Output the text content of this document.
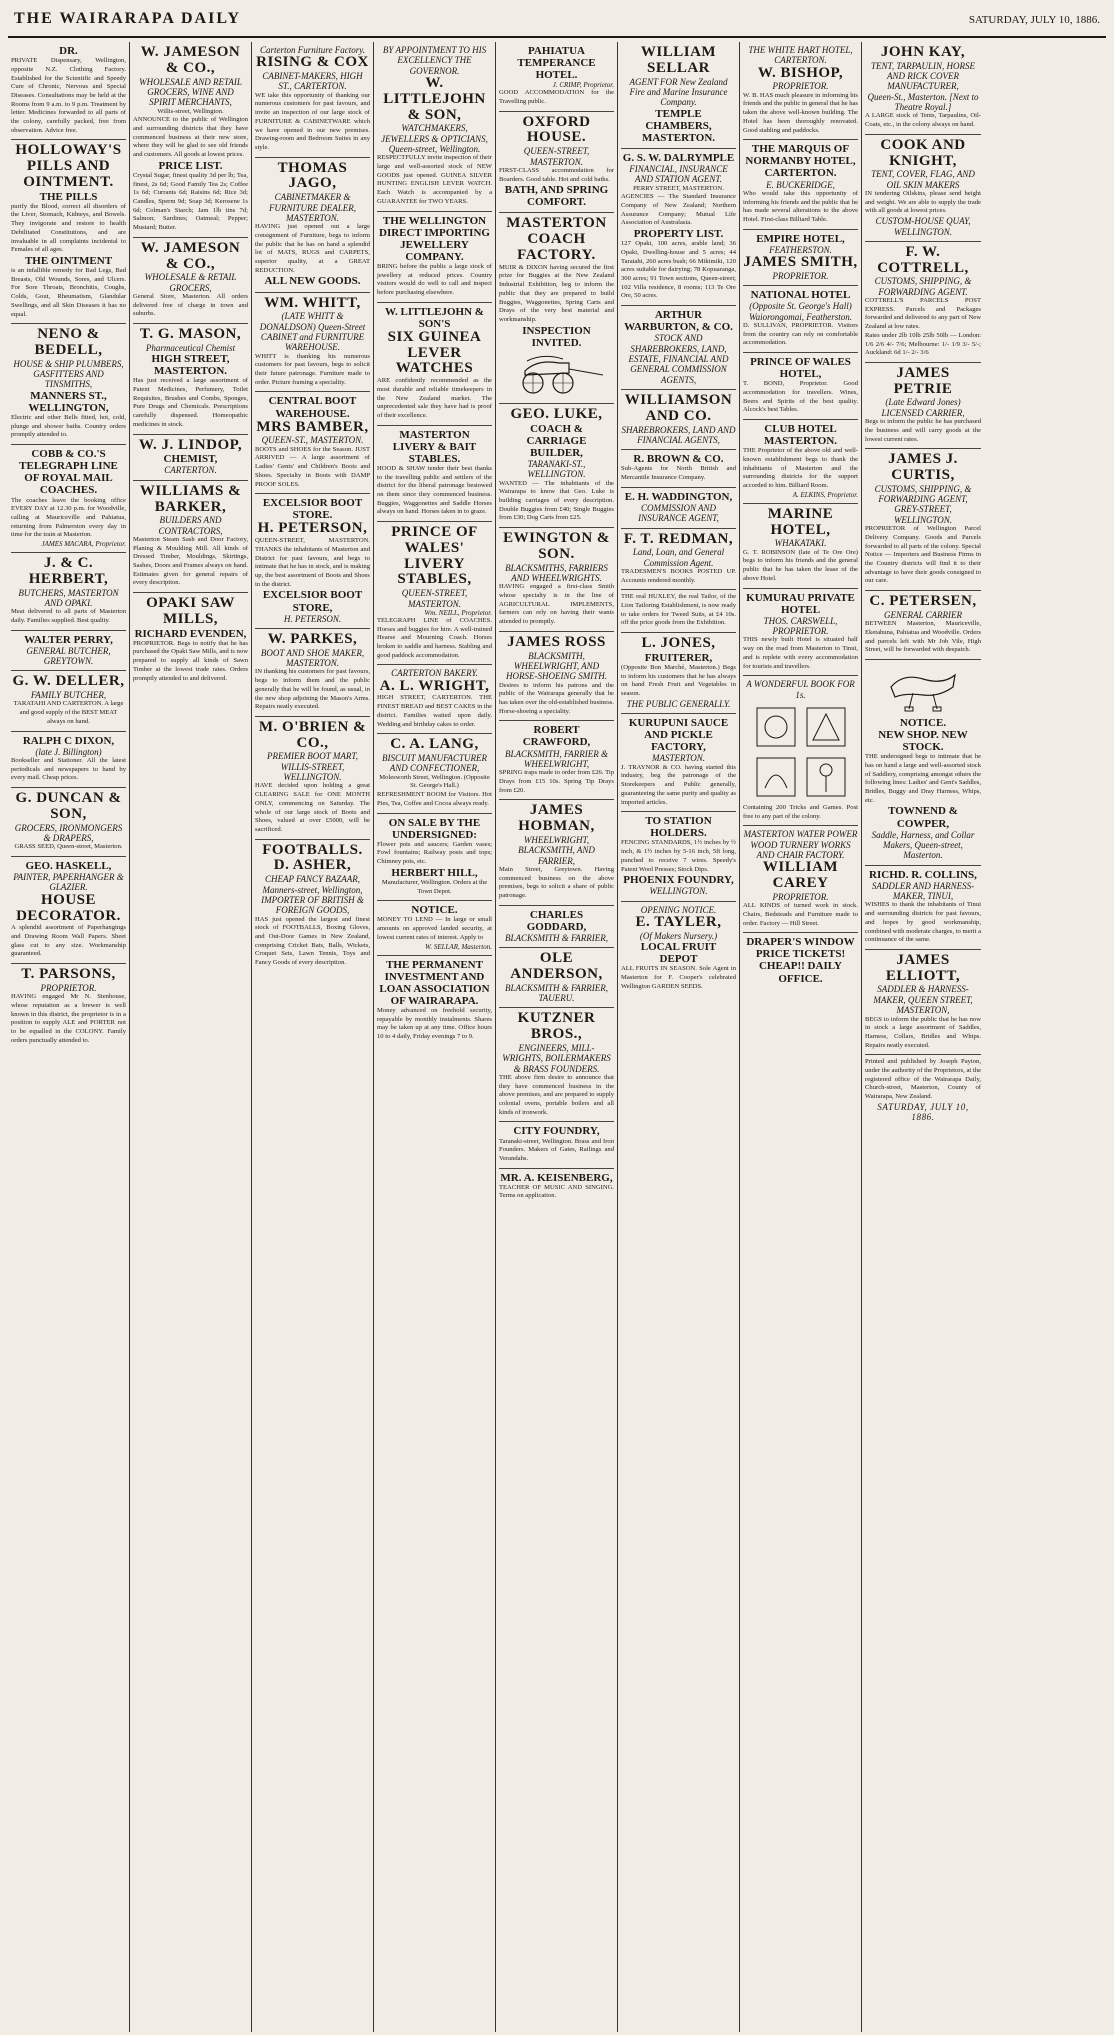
THE WAIRARAPA DAILY	SATURDAY, JULY 10, 1886.
DR.
PRIVATE Dispensary, Wellington, opposite N.Z. Clothing Factory. Established for the Scientific and Speedy Cure of Chronic, Nervous and Special Diseases. Consultations may be held at the Rooms from 9 a.m. to 9 p.m. Treatment by letter. Medicines forwarded to all parts of the colony, carefully packed, free from observation. Advice free.
HOLLOWAY'S PILLS AND OINTMENT.
THE PILLS
purify the Blood, correct all disorders of the Liver, Stomach, Kidneys, and Bowels. They invigorate and restore to health Debilitated Constitutions, and are invaluable in all complaints incidental to Females of all ages.
THE OINTMENT
is an infallible remedy for Bad Legs, Bad Breasts, Old Wounds, Sores, and Ulcers. For Sore Throats, Bronchitis, Coughs, Colds, Gout, Rheumatism, Glandular Swellings, and all Skin Diseases it has no equal.
NENO & BEDELL,
HOUSE & SHIP PLUMBERS, GASFITTERS AND TINSMITHS,
MANNERS ST., WELLINGTON,
Electric and other Bells fitted, hot, cold, plunge and shower baths. Country orders promptly attended to.
COBB & CO.'S TELEGRAPH LINE OF ROYAL MAIL COACHES.
The coaches leave the booking office EVERY DAY at 12.30 p.m. for Woodville, calling at Mauriceville and Pahiatua, returning from Palmerston every day in time for the train at Masterton.
JAMES MACARA, Proprietor.
J. & C. HERBERT,
BUTCHERS, MASTERTON AND OPAKI.
Meat delivered to all parts of Masterton daily. Families supplied. Best quality.
WALTER PERRY,
GENERAL BUTCHER, GREYTOWN.
G. W. DELLER,
FAMILY BUTCHER,
TARATAHI AND CARTERTON. A large and good supply of the BEST MEAT always on hand.
RALPH C DIXON,
(late J. Billington)
Bookseller and Stationer. All the latest periodicals and newspapers to hand by every mail. Cheap prices.
G. DUNCAN & SON,
GROCERS, IRONMONGERS & DRAPERS,
GRASS SEED, Queen-street, Masterton.
GEO. HASKELL,
PAINTER, PAPERHANGER & GLAZIER.
HOUSE DECORATOR.
A splendid assortment of Paperhangings and Drawing Room Wall Papers. Sheet glass cut to any size. Workmanship guaranteed.
T. PARSONS,
PROPRIETOR.
HAVING engaged Mr N. Stenhouse, whose reputation as a brewer is well known in this district, the proprietor is in a position to supply ALE and PORTER not to be equalled in the COLONY. Family orders punctually attended to.
W. JAMESON & CO.,
WHOLESALE AND RETAIL GROCERS, WINE AND SPIRIT MERCHANTS,
Willis-street, Wellington.
ANNOUNCE to the public of Wellington and surrounding districts that they have commenced business at their new store, where they will be glad to see old friends and customers. All goods at lowest prices.
PRICE LIST.
Crystal Sugar, finest quality 3d per lb; Tea, finest, 2s 6d; Good Family Tea 2s; Coffee 1s 6d; Currants 6d; Raisins 6d; Rice 3d; Candles, Sperm 9d; Soap 3d; Kerosene 1s 6d; Colman's Starch; Jam 1lb tins 7d; Salmon; Sardines; Oatmeal; Pepper; Mustard; Butter.
W. JAMESON & CO.,
WHOLESALE & RETAIL GROCERS,
General Store, Masterton. All orders delivered free of charge in town and suburbs.
T. G. MASON,
Pharmaceutical Chemist
HIGH STREET, MASTERTON.
Has just received a large assortment of Patent Medicines, Perfumery, Toilet Requisites, Brushes and Combs, Sponges, Pure Drugs and Chemicals. Prescriptions carefully dispensed. Homeopathic medicines in stock.
W. J. LINDOP,
CHEMIST,
CARTERTON.
WILLIAMS & BARKER,
BUILDERS AND CONTRACTORS,
Masterton Steam Sash and Door Factory, Planing & Moulding Mill. All kinds of Dressed Timber, Mouldings, Skirtings, Sashes, Doors and Frames always on hand. Estimates given for general repairs of every description.
OPAKI SAW MILLS,
RICHARD EVENDEN,
PROPRIETOR. Begs to notify that he has purchased the Opaki Saw Mills, and is now prepared to supply all kinds of Sawn Timber at the lowest trade rates. Orders promptly attended to and delivered.
Carterton Furniture Factory.
RISING & COX
CABINET-MAKERS, HIGH ST., CARTERTON.
WE take this opportunity of thanking our numerous customers for past favours, and invite an inspection of our large stock of FURNITURE & CABINETWARE which we have opened in our new premises. Drawing-room and Bedroom Suites in any style.
THOMAS JAGO,
CABINETMAKER & FURNITURE DEALER,
MASTERTON.
HAVING just opened out a large consignment of Furniture, begs to inform the public that he has on hand a splendid lot of MATS, RUGS and CARPETS, superior quality, at a GREAT REDUCTION.
ALL NEW GOODS.
WM. WHITT,
(LATE WHITT & DONALDSON) Queen-Street CABINET and FURNITURE WAREHOUSE.
WHITT is thanking his numerous customers for past favours, begs to solicit their future patronage. Furniture made to order. Picture framing a speciality.
CENTRAL BOOT WAREHOUSE.
MRS BAMBER,
QUEEN-ST., MASTERTON.
BOOTS and SHOES for the Season. JUST ARRIVED — A large assortment of Ladies' Gents' and Children's Boots and Shoes. Specialty in Boots with DAMP PROOF SOLES.
EXCELSIOR BOOT STORE.
H. PETERSON,
QUEEN-STREET, MASTERTON. THANKS the inhabitants of Masterton and District for past favours, and begs to intimate that he has in stock, and is making up, the best assortment of Boots and Shoes in the district.
EXCELSIOR BOOT STORE,
H. PETERSON.
W. PARKES,
BOOT AND SHOE MAKER, MASTERTON.
IN thanking his customers for past favours, begs to inform them and the public generally that he will be found, as usual, in the new shop adjoining the Mason's Arms. Repairs neatly executed.
M. O'BRIEN & CO.,
PREMIER BOOT MART, WILLIS-STREET, WELLINGTON.
HAVE decided upon holding a great CLEARING SALE for ONE MONTH ONLY, commencing on Saturday. The whole of our large stock of Boots and Shoes, valued at over £5000, will be sacrificed.
FOOTBALLS.
D. ASHER,
CHEAP FANCY BAZAAR, Manners-street, Wellington, IMPORTER OF BRITISH & FOREIGN GOODS,
HAS just opened the largest and finest stock of FOOTBALLS, Boxing Gloves, and Out-Door Games in New Zealand, comprising Cricket Bats, Balls, Wickets, Croquet Sets, Lawn Tennis, Toys and Fancy Goods of every description.
BY APPOINTMENT TO HIS EXCELLENCY THE GOVERNOR.
W. LITTLEJOHN & SON,
WATCHMAKERS, JEWELLERS & OPTICIANS, Queen-street, Wellington.
RESPECTFULLY invite inspection of their large and well-assorted stock of NEW GOODS just opened. GUINEA SILVER HUNTING ENGLISH LEVER WATCH. Each Watch is accompanied by a GUARANTEE for TWO YEARS.
THE WELLINGTON DIRECT IMPORTING JEWELLERY COMPANY.
BRING before the public a large stock of jewellery at reduced prices. Country visitors would do well to call and inspect before purchasing elsewhere.
W. LITTLEJOHN & SON'S
SIX GUINEA LEVER WATCHES
ARE confidently recommended as the most durable and reliable timekeepers in the New Zealand market. The unprecedented sale they have had is proof of their excellence.
MASTERTON LIVERY & BAIT STABLES.
HOOD & SHAW tender their best thanks to the travelling public and settlers of the district for the liberal patronage bestowed on them since they commenced business. Buggies, Waggonettes and Saddle Horses always on hand. Horses taken in to graze.
PRINCE OF WALES' LIVERY STABLES,
QUEEN-STREET, MASTERTON.
Wm. NEILL, Proprietor.
TELEGRAPH LINE of COACHES. Horses and buggies for hire. A well-trained Hearse and Mourning Coach. Horses broken to saddle and harness. Stabling and good paddock accommodation.
CARTERTON BAKERY.
A. L. WRIGHT,
HIGH STREET, CARTERTON. THE FINEST BREAD and BEST CAKES in the district. Families waited upon daily. Wedding and birthday cakes to order.
C. A. LANG,
BISCUIT MANUFACTURER AND CONFECTIONER,
Molesworth Street, Wellington. (Opposite St. George's Hall.)
REFRESHMENT ROOM for Visitors. Hot Pies, Tea, Coffee and Cocoa always ready.
ON SALE BY THE UNDERSIGNED:
Flower pots and saucers; Garden vases; Fowl fountains; Railway posts and tops; Chimney pots, etc.
HERBERT HILL,
Manufacturer, Wellington. Orders at the Town Depot.
NOTICE.
MONEY TO LEND — In large or small amounts on approved landed security, at lowest current rates of interest. Apply to
W. SELLAR, Masterton.
THE PERMANENT INVESTMENT AND LOAN ASSOCIATION OF WAIRARAPA.
Money advanced on freehold security, repayable by monthly instalments. Shares may be taken up at any time. Office hours 10 to 4 daily, Friday evenings 7 to 9.
PAHIATUA TEMPERANCE HOTEL.
J. CRIMP, Proprietor.
GOOD ACCOMMODATION for the Travelling public.
OXFORD HOUSE.
QUEEN-STREET, MASTERTON.
FIRST-CLASS accommodation for Boarders. Good table. Hot and cold baths.
BATH, AND SPRING COMFORT.
MASTERTON COACH FACTORY.
MUIR & DIXON having secured the first prize for Buggies at the New Zealand Industrial Exhibition, beg to inform the public that they are prepared to build Buggies, Waggonettes, Spring Carts and Drays of the very best material and workmanship.
INSPECTION INVITED.
GEO. LUKE,
COACH & CARRIAGE BUILDER,
TARANAKI-ST., WELLINGTON.
WANTED — The inhabitants of the Wairarapa to know that Geo. Luke is building carriages of every description. Double Buggies from £40; Single Buggies from £30; Dog Carts from £25.
EWINGTON & SON.
BLACKSMITHS, FARRIERS AND WHEELWRIGHTS.
HAVING engaged a first-class Smith whose specialty is in the line of AGRICULTURAL IMPLEMENTS, farmers can rely on having their wants attended to promptly.
JAMES ROSS
BLACKSMITH, WHEELWRIGHT, AND HORSE-SHOEING SMITH.
Desires to inform his patrons and the public of the Wairarapa generally that he has taken over the old-established business. Horse-shoeing a speciality.
ROBERT CRAWFORD,
BLACKSMITH, FARRIER & WHEELWRIGHT,
SPRING traps made to order from £26. Tip Drays from £15 10s. Spring Tip Drays from £20.
JAMES HOBMAN,
WHEELWRIGHT, BLACKSMITH, AND FARRIER,
Main Street, Greytown. Having commenced business on the above premises, begs to solicit a share of public patronage.
CHARLES GODDARD,
BLACKSMITH & FARRIER,
OLE ANDERSON,
BLACKSMITH & FARRIER, TAUERU.
KUTZNER BROS.,
ENGINEERS, MILL-WRIGHTS, BOILERMAKERS & BRASS FOUNDERS.
THE above firm desire to announce that they have commenced business in the above premises, and are prepared to supply colonial ovens, portable boilers and all kinds of ironwork.
CITY FOUNDRY,
Taranaki-street, Wellington. Brass and Iron Founders. Makers of Gates, Railings and Verandahs.
MR. A. KEISENBERG,
TEACHER OF MUSIC AND SINGING. Terms on application.
WILLIAM SELLAR
AGENT FOR New Zealand Fire and Marine Insurance Company.
TEMPLE CHAMBERS, MASTERTON.
G. S. W. DALRYMPLE
FINANCIAL, INSURANCE AND STATION AGENT.
PERRY STREET, MASTERTON.
AGENCIES — The Standard Insurance Company of New Zealand; Northern Assurance Company; Mutual Life Association of Australasia.
PROPERTY LIST.
127 Opaki, 100 acres, arable land; 36 Opaki, Dwelling-house and 5 acres; 44 Taratahi, 260 acres bush; 66 Mikimiki, 120 acres suitable for dairying; 78 Kopuaranga, 300 acres; 91 Town sections, Queen-street; 102 Villa residence, 8 rooms; 113 Te Ore Ore, 50 acres.
ARTHUR WARBURTON, & CO.
STOCK AND SHAREBROKERS, LAND, ESTATE, FINANCIAL AND GENERAL COMMISSION AGENTS,
WILLIAMSON AND CO.
SHAREBROKERS, LAND AND FINANCIAL AGENTS,
R. BROWN & CO.
Sub-Agents for North British and Mercantile Insurance Company.
E. H. WADDINGTON,
COMMISSION AND INSURANCE AGENT,
F. T. REDMAN,
Land, Loan, and General Commission Agent.
TRADESMEN'S BOOKS POSTED UP. Accounts rendered monthly.
THE real HUXLEY, the real Tailor, of the Lion Tailoring Establishment, is now ready to take orders for Tweed Suits, at £4 10s. off the price goods from the Exhibition.
L. JONES,
FRUITERER,
(Opposite Bon Marché, Masterton.) Begs to inform his customers that he has always on hand Fresh Fruit and Vegetables in season.
THE PUBLIC GENERALLY.
KURUPUNI SAUCE AND PICKLE FACTORY,
MASTERTON.
J. TRAYNOR & CO. having started this industry, beg the patronage of the Storekeepers and Public generally, guaranteeing the same purity and quality as imported articles.
TO STATION HOLDERS.
FENCING STANDARDS, 1½ inches by ½ inch, & 1½ inches by 5-16 inch, 5ft long, punched to receive 7 wires. Speedy's Patent Wool Presses; Stock Dips.
PHOENIX FOUNDRY,
WELLINGTON.
OPENING NOTICE.
E. TAYLER,
(Of Makers Nursery.)
LOCAL FRUIT DEPOT
ALL FRUITS IN SEASON. Sole Agent in Masterton for F. Cooper's celebrated Wellington GARDEN SEEDS.
THE WHITE HART HOTEL, CARTERTON.
W. BISHOP,
PROPRIETOR.
W. B. HAS much pleasure in informing his friends and the public in general that he has taken the above well-known building. The Hotel has been thoroughly renovated. Good stabling and paddocks.
THE MARQUIS OF NORMANBY HOTEL, CARTERTON.
E. BUCKERIDGE,
Who would take this opportunity of informing his friends and the public that he has made several alterations to the above Hotel. First-class Billiard Table.
EMPIRE HOTEL,
FEATHERSTON.
JAMES SMITH,
PROPRIETOR.
NATIONAL HOTEL
(Opposite St. George's Hall) Waiorongomai, Featherston.
D. SULLIVAN, PROPRIETOR. Visitors from the country can rely on comfortable accommodation.
PRINCE OF WALES HOTEL,
T. BOND, Proprietor. Good accommodation for travellers. Wines, Beers and Spirits of the best quality. Alcock's best Tables.
CLUB HOTEL MASTERTON.
THE Proprietor of the above old and well-known establishment begs to thank the inhabitants of Masterton and the surrounding districts for the support accorded to him. Billiard Room.
A. ELKINS, Proprietor.
MARINE HOTEL,
WHAKATAKI.
G. T. ROBINSON (late of Te Ore Ore) begs to inform his friends and the general public that he has taken the lease of the above Hotel.
KUMURAU PRIVATE HOTEL
THOS. CARSWELL, PROPRIETOR.
THIS newly built Hotel is situated half way on the road from Masterton to Tinui, and is replete with every accommodation for tourists and travellers.
A WONDERFUL BOOK FOR 1s.
Containing 200 Tricks and Games. Post free to any part of the colony.
MASTERTON WATER POWER WOOD TURNERY WORKS AND CHAIR FACTORY.
WILLIAM CAREY
PROPRIETOR.
ALL KINDS of turned work in stock. Chairs, Bedsteads and Furniture made to order. Factory — Hill Street.
DRAPER'S WINDOW PRICE TICKETS! CHEAP!! DAILY OFFICE.
JOHN KAY,
TENT, TARPAULIN, HORSE AND RICK COVER MANUFACTURER,
Queen-St., Masterton. [Next to Theatre Royal.]
A LARGE stock of Tents, Tarpaulins, Oil-Coats, etc., in the colony always on hand.
COOK AND KNIGHT,
TENT, COVER, FLAG, AND OIL SKIN MAKERS
IN tendering Oilskins, please send height and weight. We are able to supply the trade with all goods at lowest prices.
CUSTOM-HOUSE QUAY, WELLINGTON.
F. W. COTTRELL,
CUSTOMS, SHIPPING, & FORWARDING AGENT.
COTTRELL'S PARCELS POST EXPRESS. Parcels and Packages forwarded and delivered to any part of New Zealand at low rates.
Rates under 2lb 10lb 25lb 50lb — London: 1/6 2/6 4/- 7/6; Melbourne: 1/- 1/9 3/- 5/-; Auckland: 6d 1/- 2/- 3/6
JAMES PETRIE
(Late Edward Jones) LICENSED CARRIER,
Begs to inform the public he has purchased the business and will carry goods at the lowest current rates.
JAMES J. CURTIS,
CUSTOMS, SHIPPING, & FORWARDING AGENT,
GREY-STREET, WELLINGTON.
PROPRIETOR of Wellington Parcel Delivery Company. Goods and Parcels forwarded to all parts of the colony. Special Notice — Importers and Business Firms in the Country districts will find it to their advantage to have their goods consigned to our care.
C. PETERSEN,
GENERAL CARRIER
BETWEEN Masterton, Mauriceville, Eketahuna, Pahiatua and Woodville. Orders and parcels left with Mr Job Vile, High Street, will be forwarded with despatch.
NOTICE.
NEW SHOP. NEW STOCK.
THE undersigned begs to intimate that he has on hand a large and well-assorted stock of Saddlery, comprising amongst others the following lines: Ladies' and Gent's Saddles, Bridles, Buggy and Dray Harness, Whips, etc.
TOWNEND & COWPER,
Saddle, Harness, and Collar Makers, Queen-street, Masterton.
RICHD. R. COLLINS,
SADDLER AND HARNESS-MAKER, TINUI,
WISHES to thank the inhabitants of Tinui and surrounding districts for past favours, and hopes by good workmanship, combined with moderate charges, to merit a continuance of the same.
JAMES ELLIOTT,
SADDLER & HARNESS-MAKER, QUEEN STREET, MASTERTON,
BEGS to inform the public that he has now in stock a large assortment of Saddles, Harness, Collars, Bridles and Whips. Repairs neatly executed.
Printed and published by Joseph Payton, under the authority of the Proprietors, at the registered office of the Wairarapa Daily, Church-street, Masterton, County of Wairarapa, New Zealand.
SATURDAY, JULY 10, 1886.
